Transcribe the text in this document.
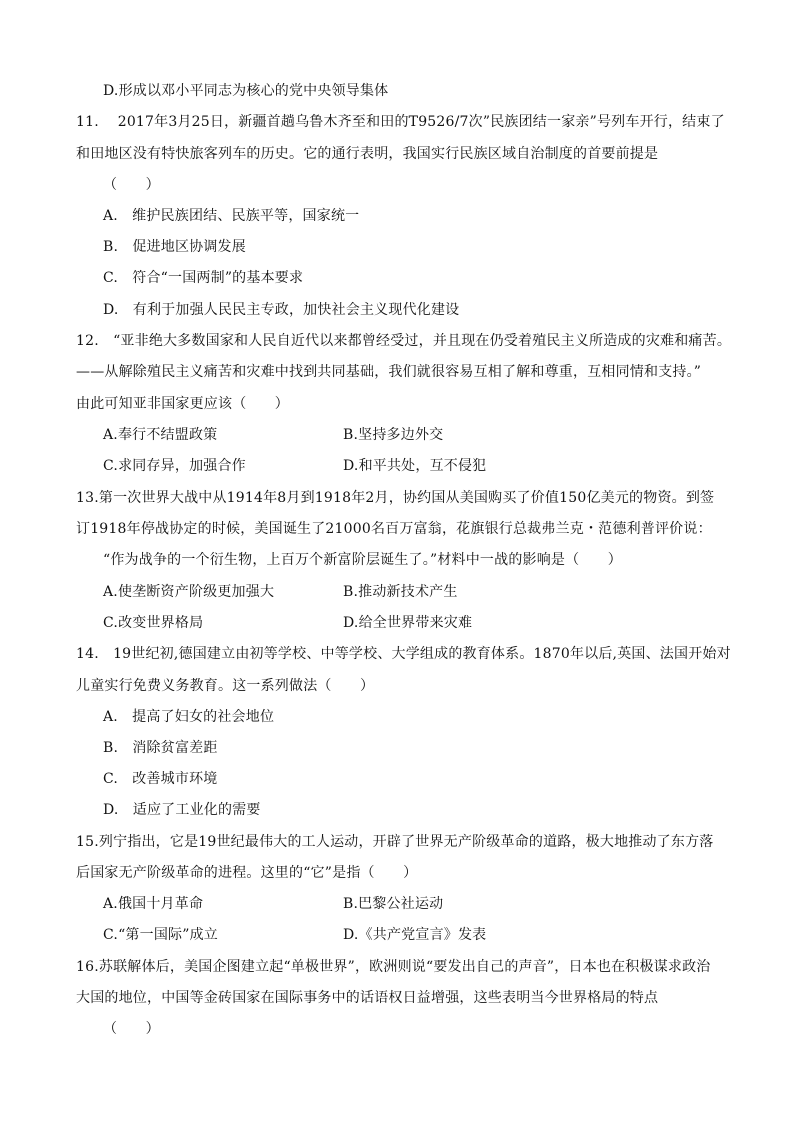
D.形成以邓小平同志为核心的党中央领导集体
11.　 2017年3月25日，新疆首趟乌鲁木齐至和田的T9526/7次”民族团结一家亲”号列车开行，结束了
和田地区没有特快旅客列车的历史。它的通行表明，我国实行民族区域自治制度的首要前提是
（　　）
A.　维护民族团结、民族平等，国家统一
B.　促进地区协调发展
C.　符合“一国两制”的基本要求
D.　有利于加强人民民主专政，加快社会主义现代化建设
12.　“亚非绝大多数国家和人民自近代以来都曾经受过，并且现在仍受着殖民主义所造成的灾难和痛苦。
——从解除殖民主义痛苦和灾难中找到共同基础，我们就很容易互相了解和尊重，互相同情和支持。”
由此可知亚非国家更应该（　　）
A.奉行不结盟政策	B.坚持多边外交
C.求同存异，加强合作	D.和平共处，互不侵犯
13.第一次世界大战中从1914年8月到1918年2月，协约国从美国购买了价值150亿美元的物资。到签
订1918年停战协定的时候，美国诞生了21000名百万富翁，花旗银行总裁弗兰克・范德利普评价说：
“作为战争的一个衍生物，上百万个新富阶层诞生了。”材料中一战的影响是（　　）
A.使垄断资产阶级更加强大	B.推动新技术产生
C.改变世界格局	D.给全世界带来灾难
14.　19世纪初,德国建立由初等学校、中等学校、大学组成的教育体系。1870年以后,英国、法国开始对
儿童实行免费义务教育。这一系列做法（　　）
A.　提高了妇女的社会地位
B.　消除贫富差距
C.　改善城市环境
D.　适应了工业化的需要
15.列宁指出，它是19世纪最伟大的工人运动，开辟了世界无产阶级革命的道路，极大地推动了东方落
后国家无产阶级革命的进程。这里的“它”是指（　　）
A.俄国十月革命	B.巴黎公社运动
C.“第一国际”成立	D.《共产党宣言》发表
16.苏联解体后，美国企图建立起“单极世界”，欧洲则说“要发出自己的声音”，日本也在积极谋求政治
大国的地位，中国等金砖国家在国际事务中的话语权日益增强，这些表明当今世界格局的特点
（　　）
